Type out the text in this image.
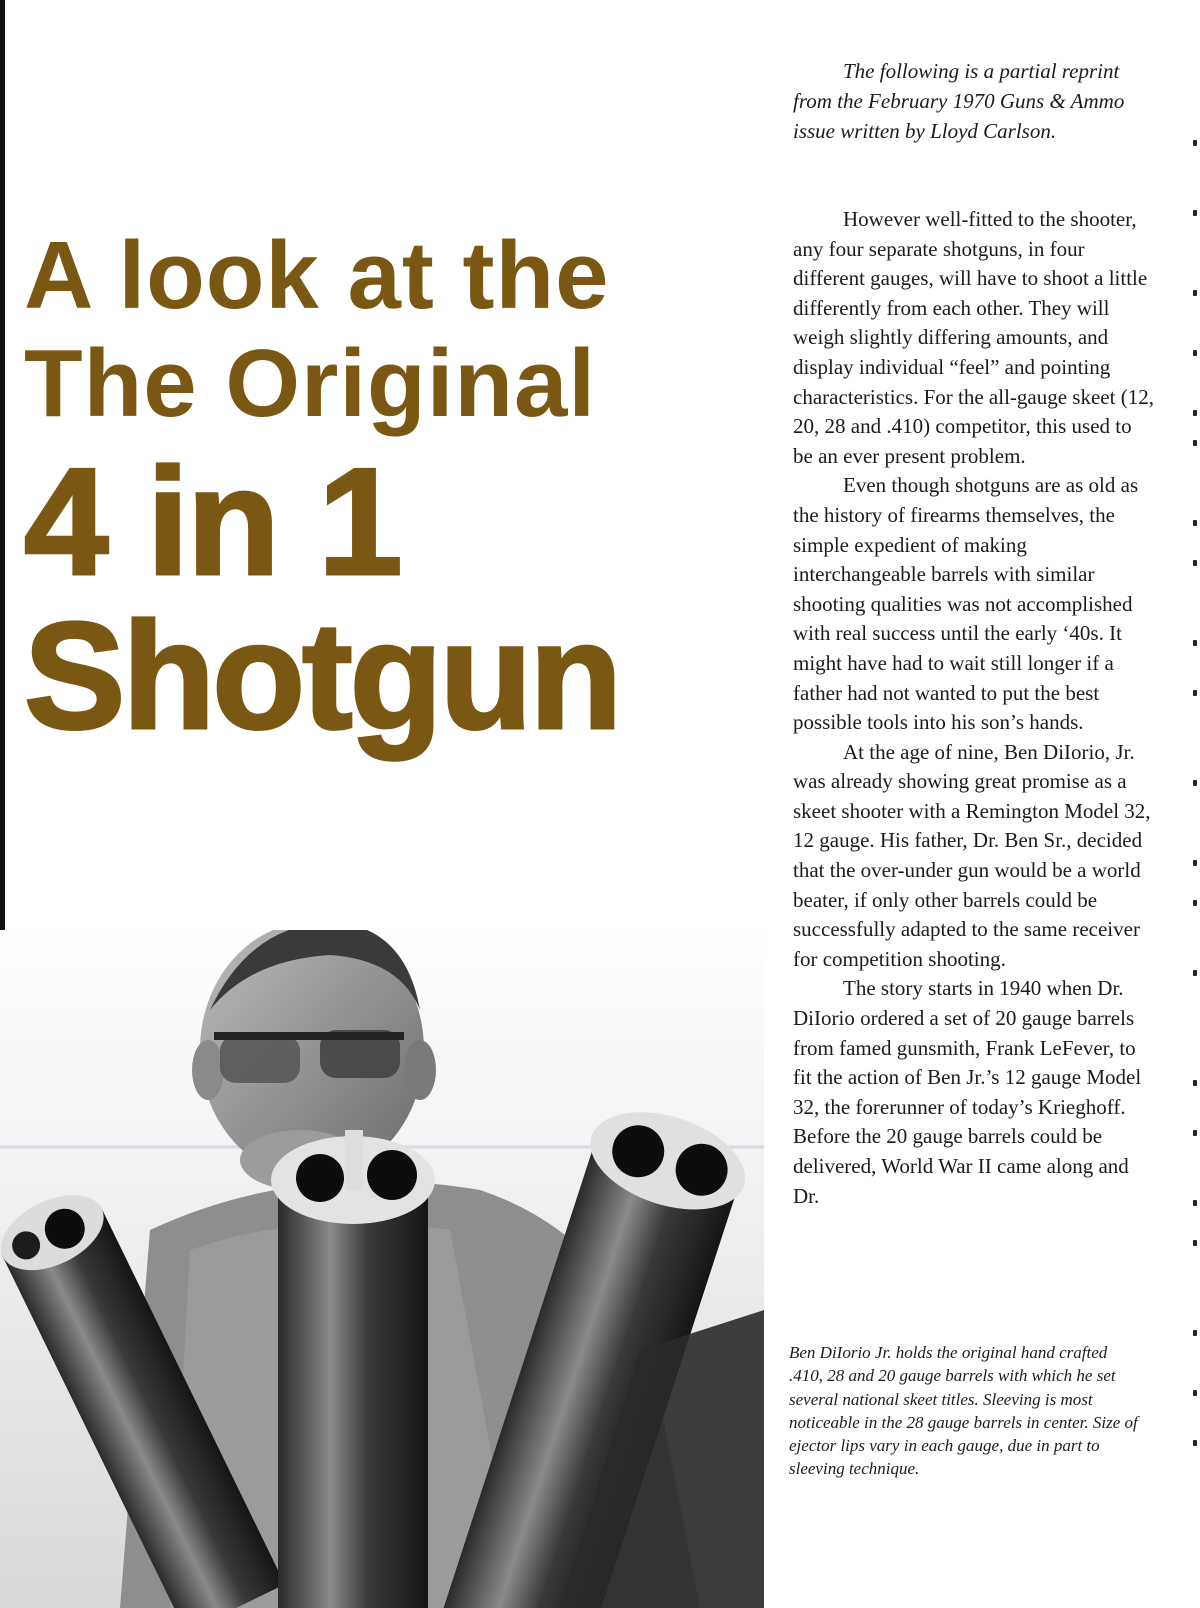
A look at the
The Original
4 in 1
Shotgun

The following is a partial reprint from the February 1970 Guns & Ammo issue written by Lloyd Carlson.

However well-fitted to the shooter, any four separate shotguns, in four different gauges, will have to shoot a little differently from each other. They will weigh slightly differing amounts, and display individual “feel” and pointing characteristics. For the all-gauge skeet (12, 20, 28 and .410) competitor, this used to be an ever present problem.

Even though shotguns are as old as the history of firearms themselves, the simple expedient of making interchangeable barrels with similar shooting qualities was not accomplished with real success until the early ‘40s. It might have had to wait still longer if a father had not wanted to put the best possible tools into his son’s hands.

At the age of nine, Ben DiIorio, Jr. was already showing great promise as a skeet shooter with a Remington Model 32, 12 gauge. His father, Dr. Ben Sr., decided that the over-under gun would be a world beater, if only other barrels could be successfully adapted to the same receiver for competition shooting.

The story starts in 1940 when Dr. DiIorio ordered a set of 20 gauge barrels from famed gunsmith, Frank LeFever, to fit the action of Ben Jr.’s 12 gauge Model 32, the forerunner of today’s Krieghoff. Before the 20 gauge barrels could be delivered, World War II came along and Dr.

Ben DiIorio Jr. holds the original hand crafted .410, 28 and 20 gauge barrels with which he set several national skeet titles. Sleeving is most noticeable in the 28 gauge barrels in center. Size of ejector lips vary in each gauge, due in part to sleeving technique.
